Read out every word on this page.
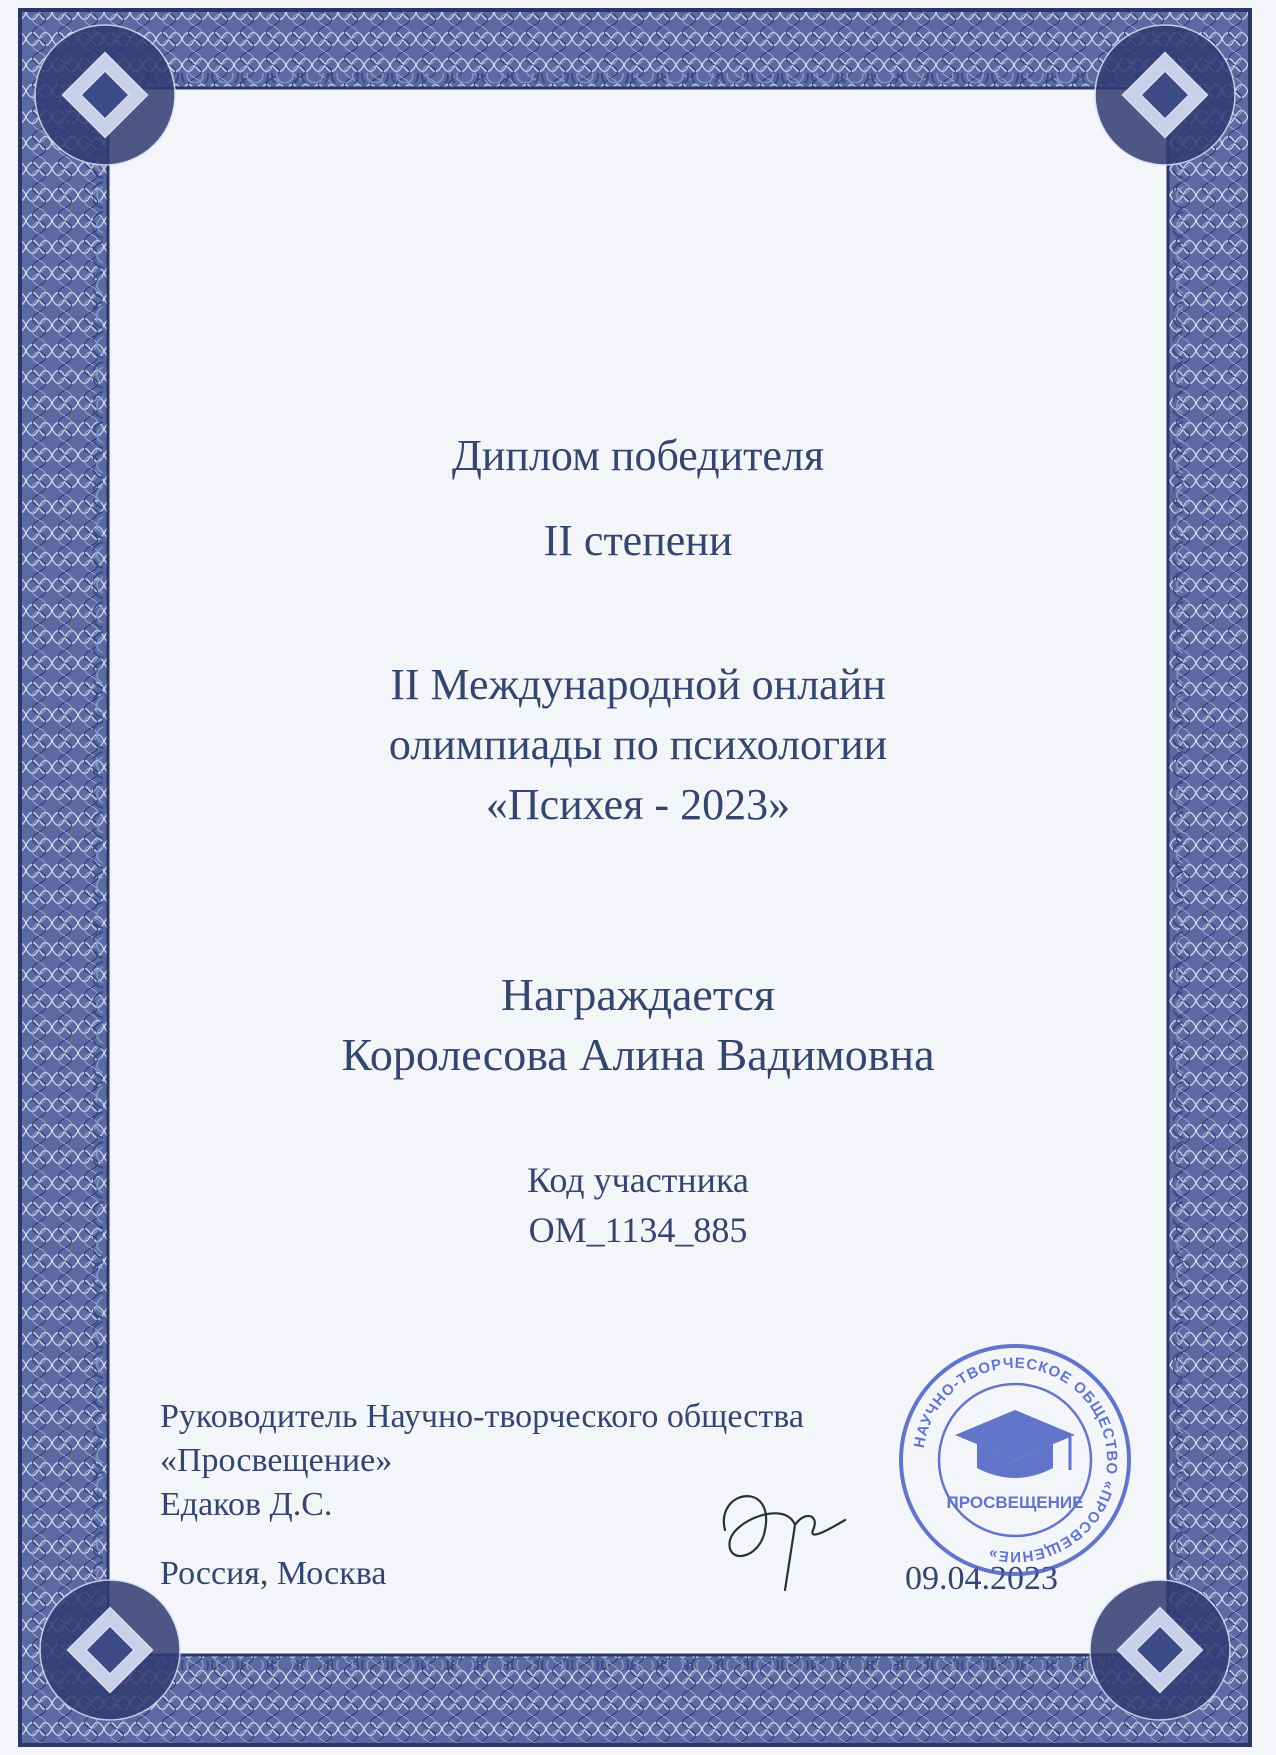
Диплом победителя
II степени
II Международной онлайн
олимпиады по психологии
«Психея - 2023»
Награждается
Королесова Алина Вадимовна
Код участника
ОМ_1134_885
Руководитель Научно-творческого общества
«Просвещение»
Едаков Д.С.
Россия, Москва	09.04.2023
НАУЧНО-ТВОРЧЕСКОЕ ОБЩЕСТВО «ПРОСВЕЩЕНИЕ»
ПРОСВЕЩЕНИЕ
